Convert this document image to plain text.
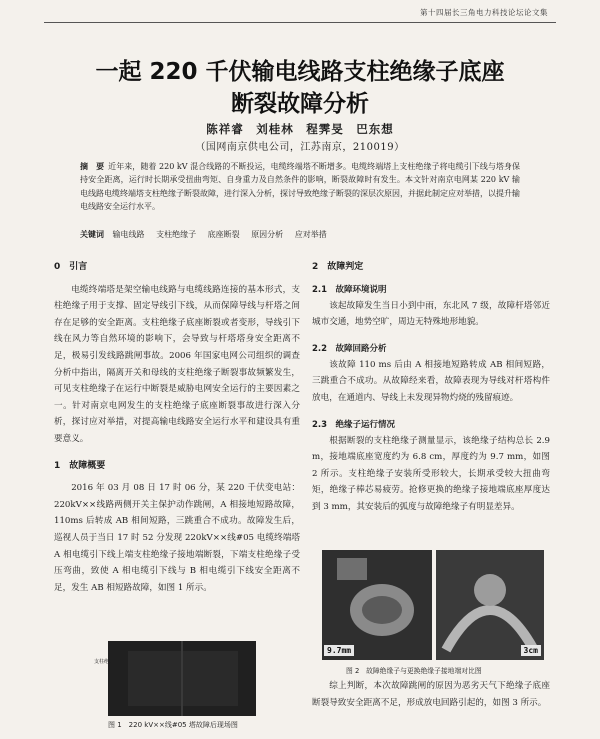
第十四届长三角电力科技论坛论文集
一起 220 千伏输电线路支柱绝缘子底座
断裂故障分析
陈祥睿　刘桂林　程霁旻　巴东想
（国网南京供电公司，江苏南京，210019）
摘　要 近年来，随着 220 kV 混合线路的不断投运，电缆终端塔不断增多。电缆终端塔上支柱绝缘子将电缆引下线与塔身保持安全距离，运行时长期承受扭曲弯矩、自身重力及自然条件的影响，断裂故障时有发生。本文针对南京电网某 220 kV 输电线路电缆终端塔支柱绝缘子断裂故障，进行深入分析，探讨导致绝缘子断裂的深层次原因，并据此制定应对举措，以提升输电线路安全运行水平。
关键词 输电线路 支柱绝缘子 底座断裂 原因分析 应对举措
0　引言
电缆终端塔是架空输电线路与电缆线路连接的基本形式，支柱绝缘子用于支撑、固定导线引下线，从而保障导线与杆塔之间存在足够的安全距离。支柱绝缘子底座断裂或者变形，导线引下线在风力等自然环境的影响下，会导致与杆塔塔身安全距离不足，极易引发线路跳闸事故。2006 年国家电网公司组织的调查分析中指出，隔离开关和母线的支柱绝缘子断裂事故频繁发生，可见支柱绝缘子在运行中断裂是威胁电网安全运行的主要因素之一。针对南京电网发生的支柱绝缘子底座断裂事故进行深入分析，探讨应对举措，对提高输电线路安全运行水平和建设具有重要意义。
1　故障概要
2016 年 03 月 08 日 17 时 06 分，某 220 千伏变电站：220kV××线路两侧开关主保护动作跳闸，A 相接地短路故障，110ms 后转成 AB 相间短路，三跳重合不成功。故障发生后，巡视人员于当日 17 时 52 分发现 220kV××线#05 电缆终端塔 A 相电缆引下线上端支柱绝缘子接地端断裂，下端支柱绝缘子受压弯曲，致使 A 相电缆引下线与 B 相电缆引下线安全距离不足，发生 AB 相短路故障，如图 1 所示。
支柱绝缘子
图 1　220 kV××线#05 塔故障后现场图
2　故障判定
2.1　故障环境说明
该起故障发生当日小到中雨，东北风 7 级，故障杆塔邻近城市交通，地势空旷，周边无特殊地形地貌。
2.2　故障回路分析
该故障 110 ms 后由 A 相接地短路转成 AB 相间短路，三跳重合不成功。从故障经来看，故障表现为导线对杆塔构件放电，在通道内、导线上未发现异物灼烧的残留痕迹。
2.3　绝缘子运行情况
根据断裂的支柱绝缘子测量显示，该绝缘子结构总长 2.9 m，接地端底座宽度约为 6.8 cm，厚度约为 9.7 mm，如图 2 所示。支柱绝缘子安装所受形较大，长期承受较大扭曲弯矩，绝缘子棒芯易疲劳。抢修更换的绝缘子接地端底座厚度达到 3 mm，其安装后的弧度与故障绝缘子有明显差异。
9.7mm	3cm
图 2　故障绝缘子与更换绝缘子接地端对比图
综上判断，本次故障跳闸的原因为恶劣天气下绝缘子底座断裂导致安全距离不足，形成放电回路引起的，如图 3 所示。
